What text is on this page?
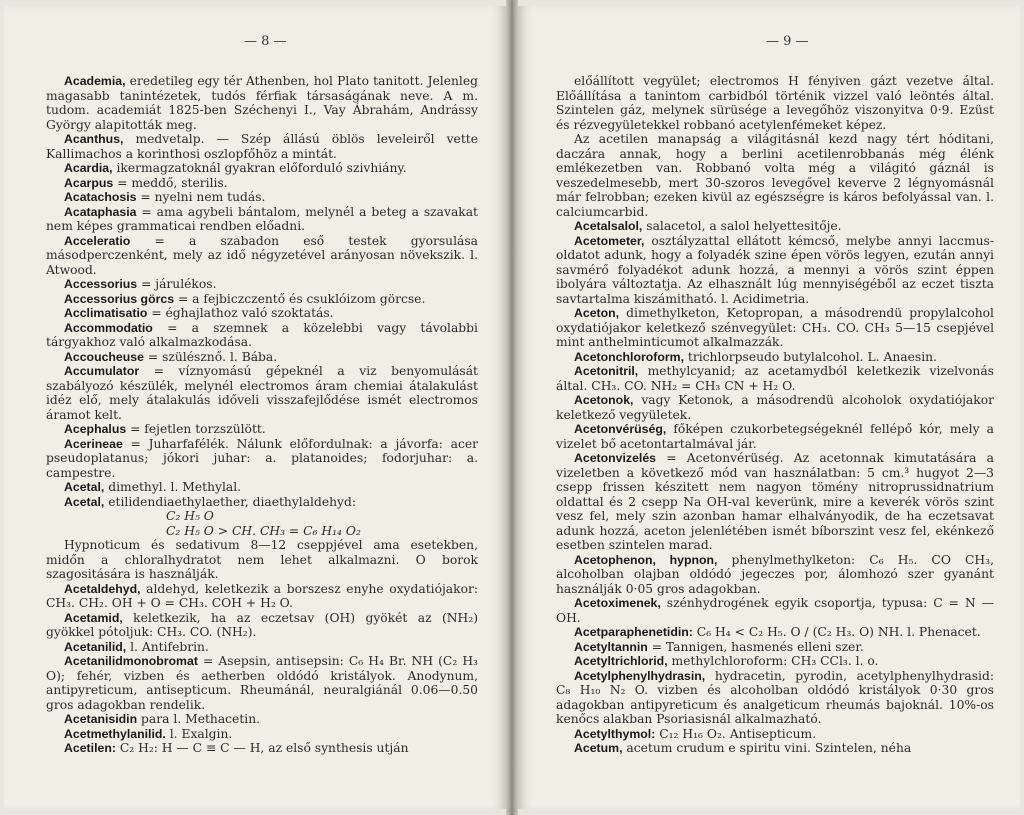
— 8 —

Academia, eredetileg egy tér Athenben, hol Plato tanitott. Jelenleg magasabb tanintézetek, tudós férfiak társaságának neve. A m. tudom. academiát 1825-ben Széchenyi I., Vay Ábrahám, Andrássy György alapitották meg.

Acanthus, medvetalp. — Szép állású öblös leveleiről vette Kallimachos a korinthosi oszlopfőhöz a mintát.

Acardia, ikermagzatoknál gyakran előforduló szivhiány.

Acarpus = meddő, sterilis.

Acatachosis = nyelni nem tudás.

Acataphasia = ama agybeli bántalom, melynél a beteg a szavakat nem képes grammaticai rendben előadni.

Acceleratio = a szabadon eső testek gyorsulása másodperczenként, mely az idő négyzetével arányosan növekszik. l. Atwood.

Accessorius = járulékos.

Accessorius görcs = a fejbiczczentő és csuklóizom görcse.

Acclimatisatio = éghajlathoz való szoktatás.

Accommodatio = a szemnek a közelebbi vagy távolabbi tárgyakhoz való alkalmazkodása.

Accoucheuse = szülésznő. l. Bába.

Accumulator = víznyomású gépeknél a viz benyomulását szabályozó készülék, melynél electromos áram chemiai átalakulást idéz elő, mely átalakulás időveli visszafejlődése ismét electromos áramot kelt.

Acephalus = fejetlen torzszülött.

Acerineae = Juharfafélék. Nálunk előfordulnak: a jávorfa: acer pseudoplatanus; jókori juhar: a. platanoides; fodorjuhar: a. campestre.

Acetal, dimethyl. l. Methylal.

Acetal, etilidendiaethylaether, diaethylaldehyd:

C₂ H₅ O
C₂ H₅ O > CH. CH₃ = C₆ H₁₄ O₂

Hypnoticum és sedativum 8—12 cseppjével ama esetekben, midőn a chloralhydratot nem lehet alkalmazni. O borok szagositására is használják.

Acetaldehyd, aldehyd, keletkezik a borszesz enyhe oxydatiójakor: CH₃. CH₂. OH + O = CH₃. COH + H₂ O.

Acetamid, keletkezik, ha az eczetsav (OH) gyökét az (NH₂) gyökkel pótoljuk: CH₃. CO. (NH₂).

Acetanilid, l. Antifebrin.

Acetanilidmonobromat = Asepsin, antisepsin: C₆ H₄ Br. NH (C₂ H₃ O); fehér, vizben és aetherben oldódó kristályok. Anodynum, antipyreticum, antisepticum. Rheumánál, neuralgiánál 0.06—0.50 gros adagokban rendelik.

Acetanisidin para l. Methacetin.

Acetmethylanilid. l. Exalgin.

Acetilen: C₂ H₂: H — C ≡ C — H, az első synthesis utján

— 9 —

előállított vegyület; electromos H fényiven gázt vezetve által. Előállítása a tanintom carbidból történik vizzel való leöntés által. Szintelen gáz, melynek sürüsége a levegőhöz viszonyitva 0·9. Ezüst és rézvegyületekkel robbanó acetylenfémeket képez.

Az acetilen manapság a világitásnál kezd nagy tért hóditani, daczára annak, hogy a berlini acetilenrobbanás még élénk emlékezetben van. Robbanó volta még a világitó gáznál is veszedelmesebb, mert 30-szoros levegővel keverve 2 légnyomásnál már felrobban; ezeken kivül az egészségre is káros befolyással van. l. calciumcarbid.

Acetalsalol, salacetol, a salol helyettesitője.

Acetometer, osztályzattal ellátott kémcső, melybe annyi laccmus-oldatot adunk, hogy a folyadék szine épen vörös legyen, ezután annyi savmérő folyadékot adunk hozzá, a mennyi a vörös szint éppen ibolyára változtatja. Az elhasznált lúg mennyiségéből az eczet tiszta savtartalma kiszámitható. l. Acidimetria.

Aceton, dimethylketon, Ketopropan, a másodrendü propylalcohol oxydatiójakor keletkező szénvegyület: CH₃. CO. CH₃ 5—15 csepjével mint anthelminticumot alkalmazzák.

Acetonchloroform, trichlorpseudo butylalcohol. L. Anaesin.

Acetonitril, methylcyanid; az acetamydból keletkezik vizelvonás által. CH₃. CO. NH₂ = CH₃ CN + H₂ O.

Acetonok, vagy Ketonok, a másodrendü alcoholok oxydatiójakor keletkező vegyületek.

Acetonvérüség, főképen czukorbetegségeknél fellépő kór, mely a vizelet bő acetontartalmával jár.

Acetonvizelés = Acetonvérüség. Az acetonnak kimutatására a vizeletben a következő mód van használatban: 5 cm.³ hugyot 2—3 csepp frissen készitett nem nagyon tömény nitroprussidnatrium oldattal és 2 csepp Na OH-val keverünk, mire a keverék vörös szint vesz fel, mely szin azonban hamar elhalványodik, de ha eczetsavat adunk hozzá, aceton jelenlétében ismét bíborszint vesz fel, ekénkező esetben szintelen marad.

Acetophenon, hypnon, phenylmethylketon: C₆ H₅. CO CH₃, alcoholban olajban oldódó jegeczes por, álomhozó szer gyanánt használják 0·05 gros adagokban.

Acetoximenek, szénhydrogének egyik csoportja, typusa: C = N — OH.

Acetparaphenetidin: C₆ H₄ < C₂ H₅. O / (C₂ H₃. O) NH. l. Phenacet.

Acetyltannin = Tannigen, hasmenés elleni szer.

Acetyltrichlorid, methylchloroform: CH₃ CCl₃. l. o.

Acetylphenylhydrasin, hydracetin, pyrodin, acetylphenylhydrasid: C₈ H₁₀ N₂ O. vizben és alcoholban oldódó kristályok 0·30 gros adagokban antipyreticum és analgeticum rheumás bajoknál. 10%-os kenőcs alakban Psoriasisnál alkalmazható.

Acetylthymol: C₁₂ H₁₆ O₂. Antisepticum.

Acetum, acetum crudum e spiritu vini. Szintelen, néha
